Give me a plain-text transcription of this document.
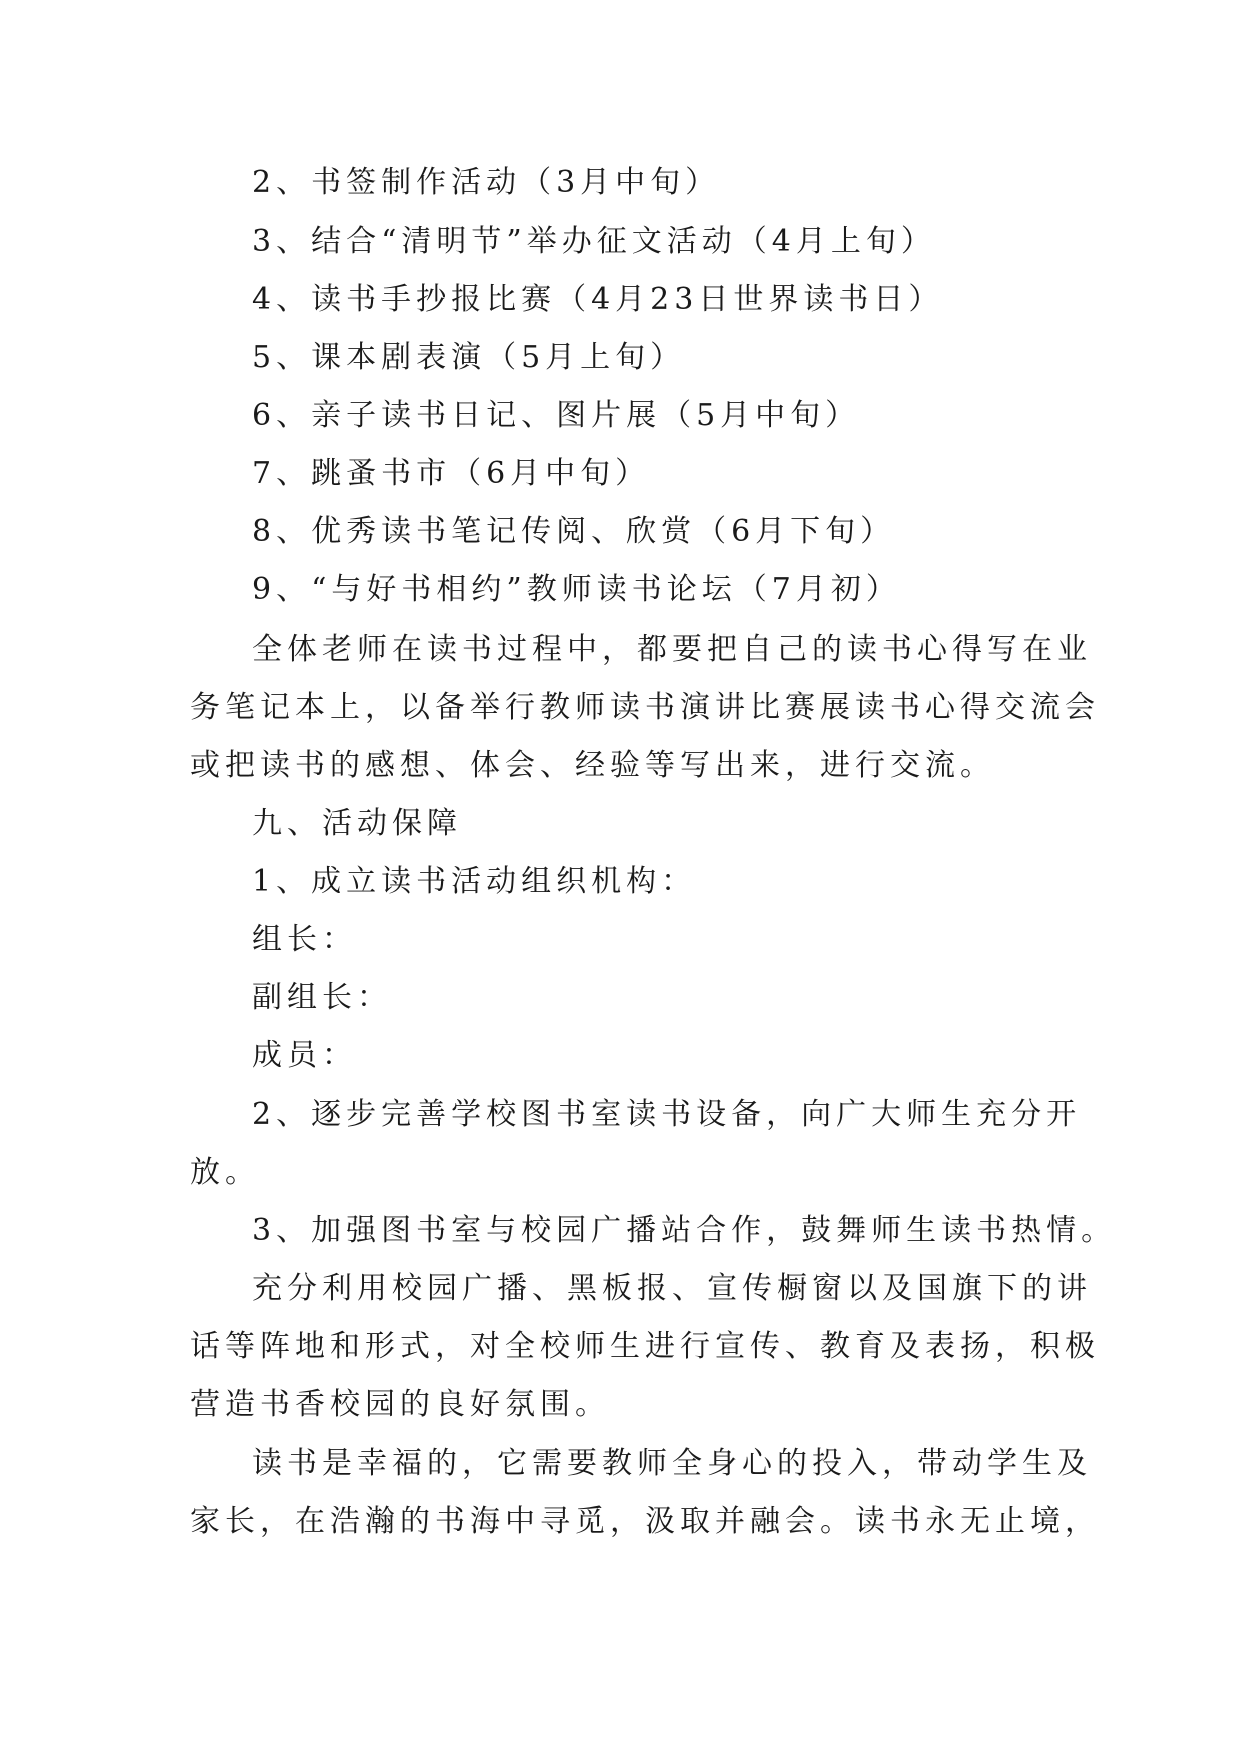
2、书签制作活动（3月中旬）
3、结合“清明节”举办征文活动（4月上旬）
4、读书手抄报比赛（4月23日世界读书日）
5、课本剧表演（5月上旬）
6、亲子读书日记、图片展（5月中旬）
7、跳蚤书市（6月中旬）
8、优秀读书笔记传阅、欣赏（6月下旬）
9、“与好书相约”教师读书论坛（7月初）
全体老师在读书过程中，都要把自己的读书心得写在业
务笔记本上，以备举行教师读书演讲比赛展读书心得交流会
或把读书的感想、体会、经验等写出来，进行交流。
九、活动保障
1、成立读书活动组织机构：
组长：
副组长：
成员：
2、逐步完善学校图书室读书设备，向广大师生充分开
放。
3、加强图书室与校园广播站合作，鼓舞师生读书热情。
充分利用校园广播、黑板报、宣传橱窗以及国旗下的讲
话等阵地和形式，对全校师生进行宣传、教育及表扬，积极
营造书香校园的良好氛围。
读书是幸福的，它需要教师全身心的投入，带动学生及
家长，在浩瀚的书海中寻觅，汲取并融会。读书永无止境，
